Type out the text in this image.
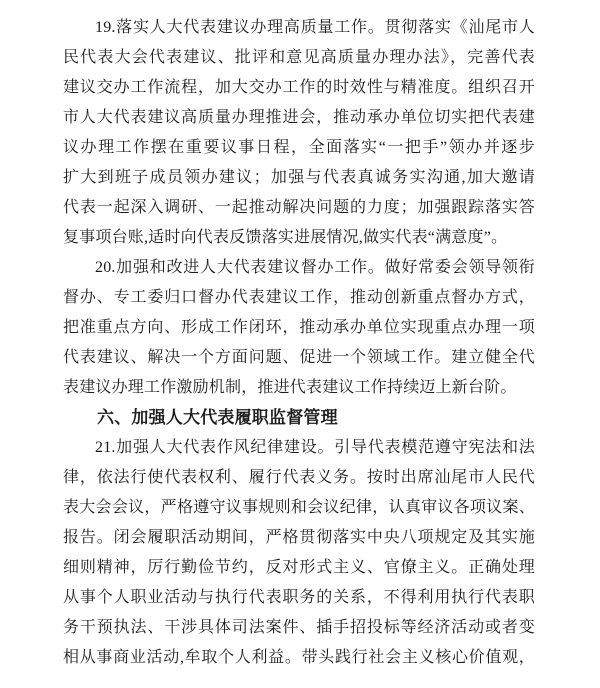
19.落实人大代表建议办理高质量工作。贯彻落实《汕尾市人
民代表大会代表建议、批评和意见高质量办理办法》，完善代表
建议交办工作流程，加大交办工作的时效性与精准度。组织召开
市人大代表建议高质量办理推进会，推动承办单位切实把代表建
议办理工作摆在重要议事日程，全面落实“一把手”领办并逐步
扩大到班子成员领办建议；加强与代表真诚务实沟通,加大邀请
代表一起深入调研、一起推动解决问题的力度；加强跟踪落实答
复事项台账,适时向代表反馈落实进展情况,做实代表“满意度”。
20.加强和改进人大代表建议督办工作。做好常委会领导领衔
督办、专工委归口督办代表建议工作，推动创新重点督办方式，
把准重点方向、形成工作闭环，推动承办单位实现重点办理一项
代表建议、解决一个方面问题、促进一个领域工作。建立健全代
表建议办理工作激励机制，推进代表建议工作持续迈上新台阶。
六、加强人大代表履职监督管理
21.加强人大代表作风纪律建设。引导代表模范遵守宪法和法
律，依法行使代表权利、履行代表义务。按时出席汕尾市人民代
表大会会议，严格遵守议事规则和会议纪律，认真审议各项议案、
报告。闭会履职活动期间，严格贯彻落实中央八项规定及其实施
细则精神，厉行勤俭节约，反对形式主义、官僚主义。正确处理
从事个人职业活动与执行代表职务的关系，不得利用执行代表职
务干预执法、干涉具体司法案件、插手招投标等经济活动或者变
相从事商业活动,牟取个人利益。带头践行社会主义核心价值观，
